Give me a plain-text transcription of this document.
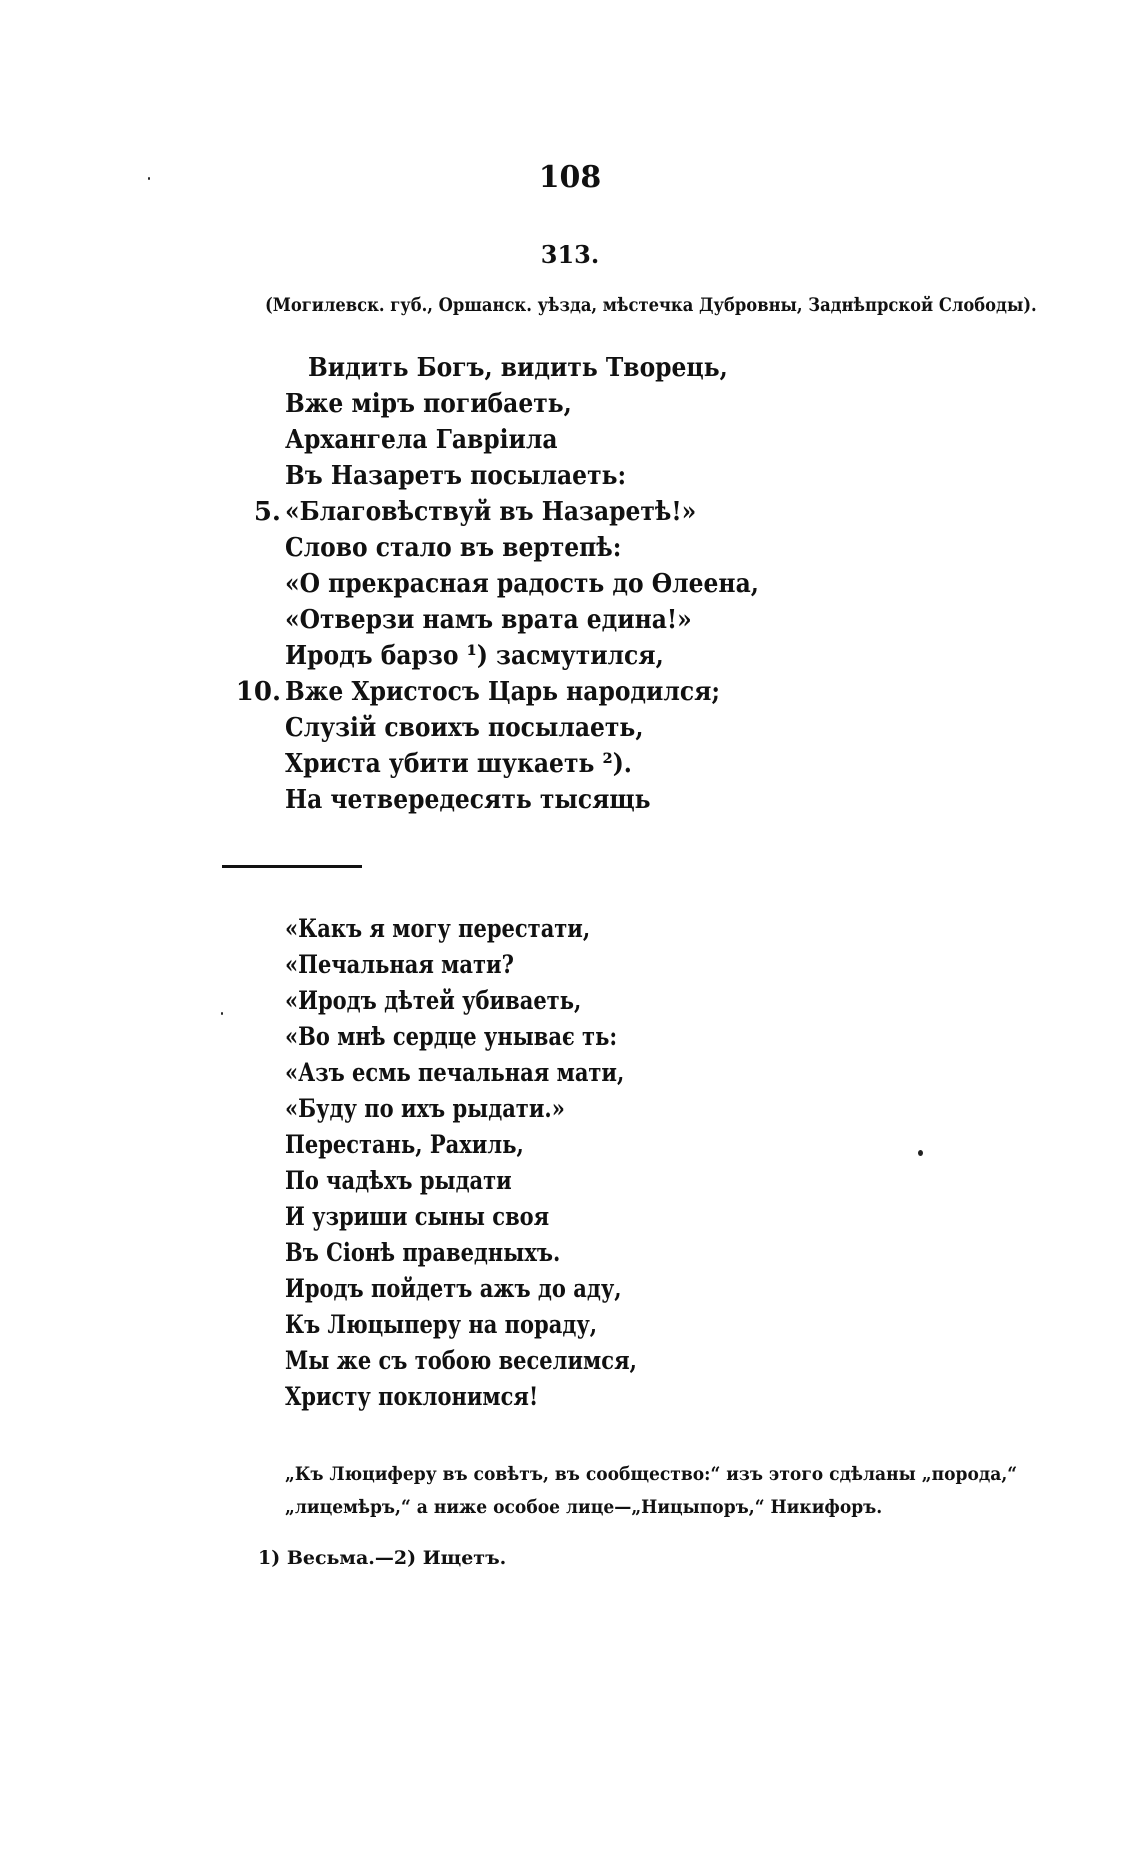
108
313.
(Могилевск. губ., Оршанск. уѣзда, мѣстечка Дубровны, Заднѣпрской Слободы).
Видить Богъ, видить Творець,
Вже міръ погибаеть,
Архангела Гавріила
Въ Назаретъ посылаеть:
5. «Благовѣствуй въ Назаретѣ!»
Слово стало въ вертепѣ:
«О прекрасная радость до Ѳлеена,
«Отверзи намъ врата едина!»
Иродъ барзо ¹) засмутился,
10. Вже Христосъ Царь народился;
Слузій своихъ посылаеть,
Христа убити шукаеть ²).
На четвередесять тысящь
«Какъ я могу перестати,
«Печальная мати?
«Иродъ дѣтей убиваеть,
«Во мнѣ сердце уныває ть:
«Азъ есмь печальная мати,
«Буду по ихъ рыдати.»
Перестань, Рахиль,
По чадѣхъ рыдати
И узриши сыны своя
Въ Сіонѣ праведныхъ.
Иродъ пойдетъ ажъ до аду,
Къ Люцыперу на пораду,
Мы же съ тобою веселимся,
Христу поклонимся!
„Къ Люциферу въ совѣтъ, въ сообщество:“ изъ этого сдѣланы „порода,“
„лицемѣръ,“ а ниже особое лице—„Ницыпоръ,“ Никифоръ.
1) Весьма.—2) Ищетъ.
